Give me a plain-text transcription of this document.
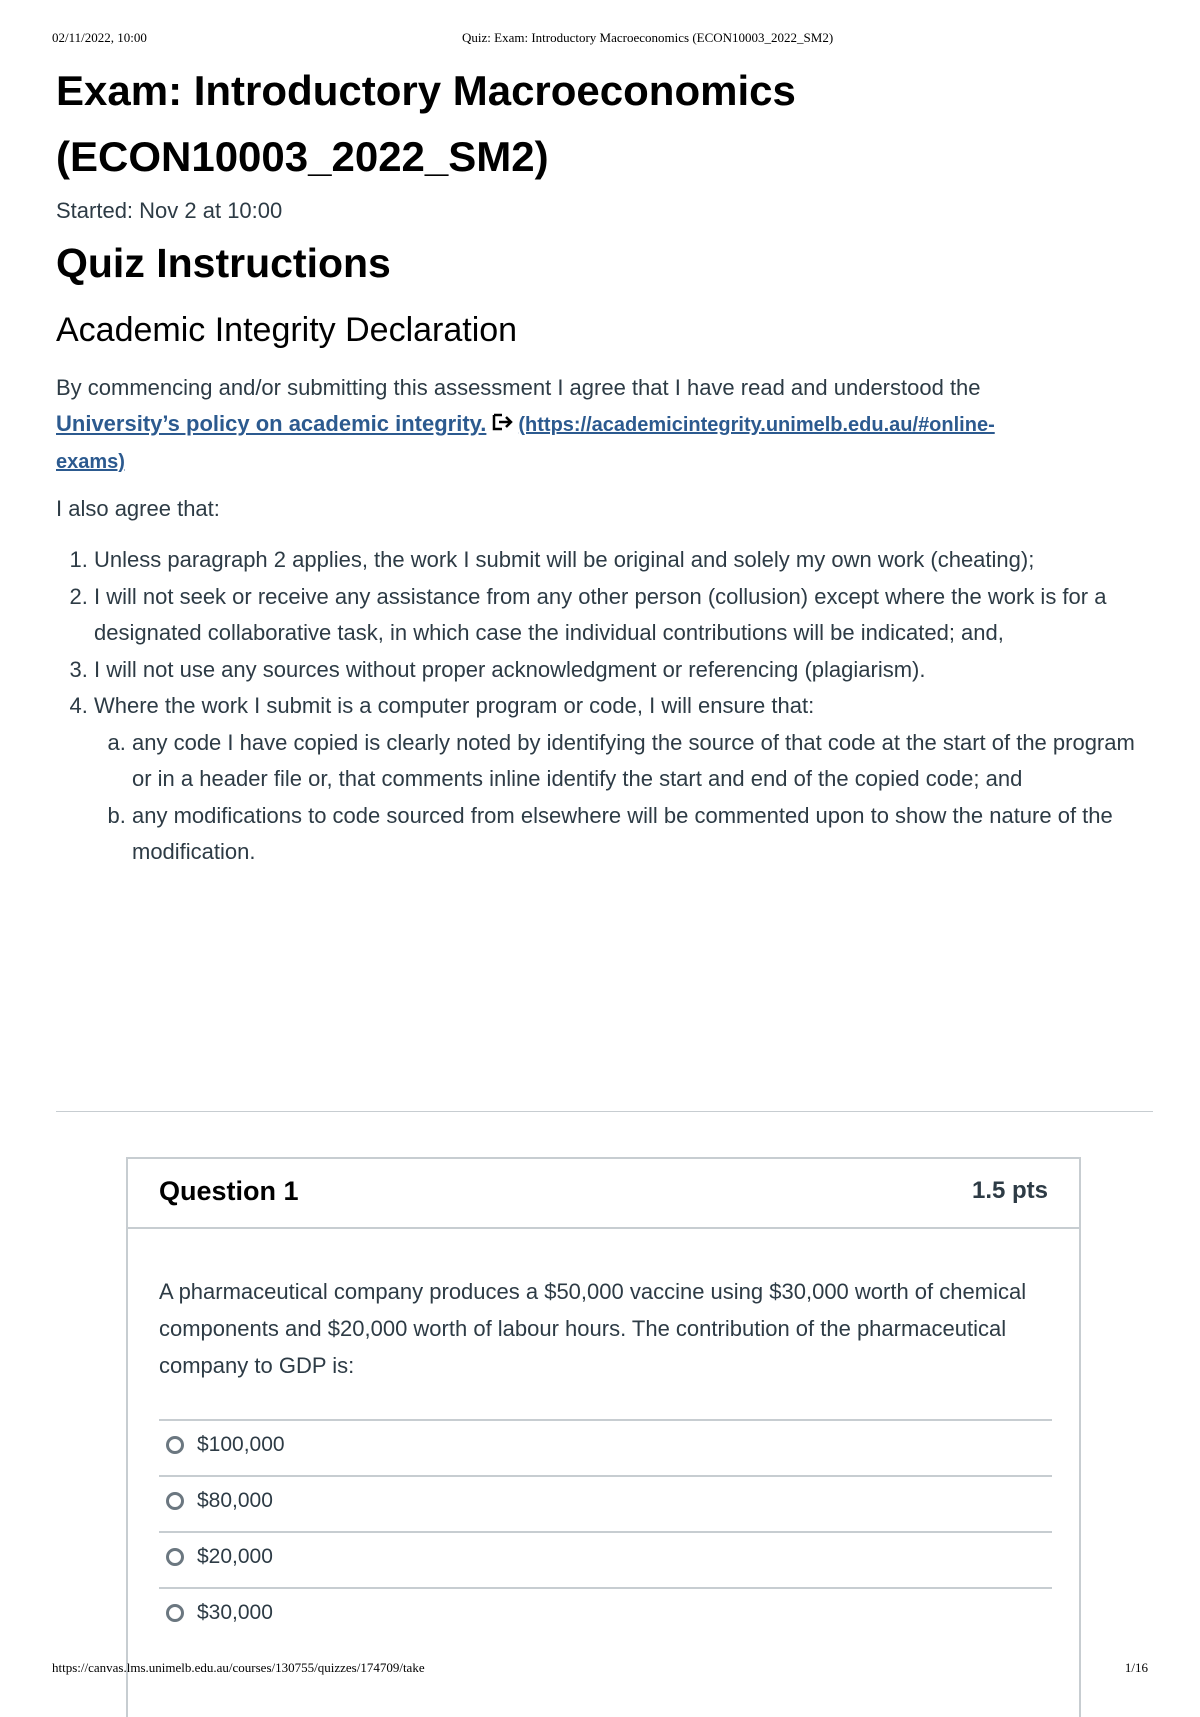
02/11/2022, 10:00	Quiz: Exam: Introductory Macroeconomics (ECON10003_2022_SM2)
Exam: Introductory Macroeconomics
(ECON10003_2022_SM2)
Started: Nov 2 at 10:00
Quiz Instructions
Academic Integrity Declaration
By commencing and/or submitting this assessment I agree that I have read and understood the
University’s policy on academic integrity. (https://academicintegrity.unimelb.edu.au/#online-
exams)
I also agree that:
1. Unless paragraph 2 applies, the work I submit will be original and solely my own work (cheating);
2. I will not seek or receive any assistance from any other person (collusion) except where the work is for a designated collaborative task, in which case the individual contributions will be indicated; and,
3. I will not use any sources without proper acknowledgment or referencing (plagiarism).
4. Where the work I submit is a computer program or code, I will ensure that:
a. any code I have copied is clearly noted by identifying the source of that code at the start of the program or in a header file or, that comments inline identify the start and end of the copied code; and
b. any modifications to code sourced from elsewhere will be commented upon to show the nature of the modification.
Question 1	1.5 pts
A pharmaceutical company produces a $50,000 vaccine using $30,000 worth of chemical components and $20,000 worth of labour hours. The contribution of the pharmaceutical company to GDP is:
$100,000
$80,000
$20,000
$30,000
https://canvas.lms.unimelb.edu.au/courses/130755/quizzes/174709/take	1/16
